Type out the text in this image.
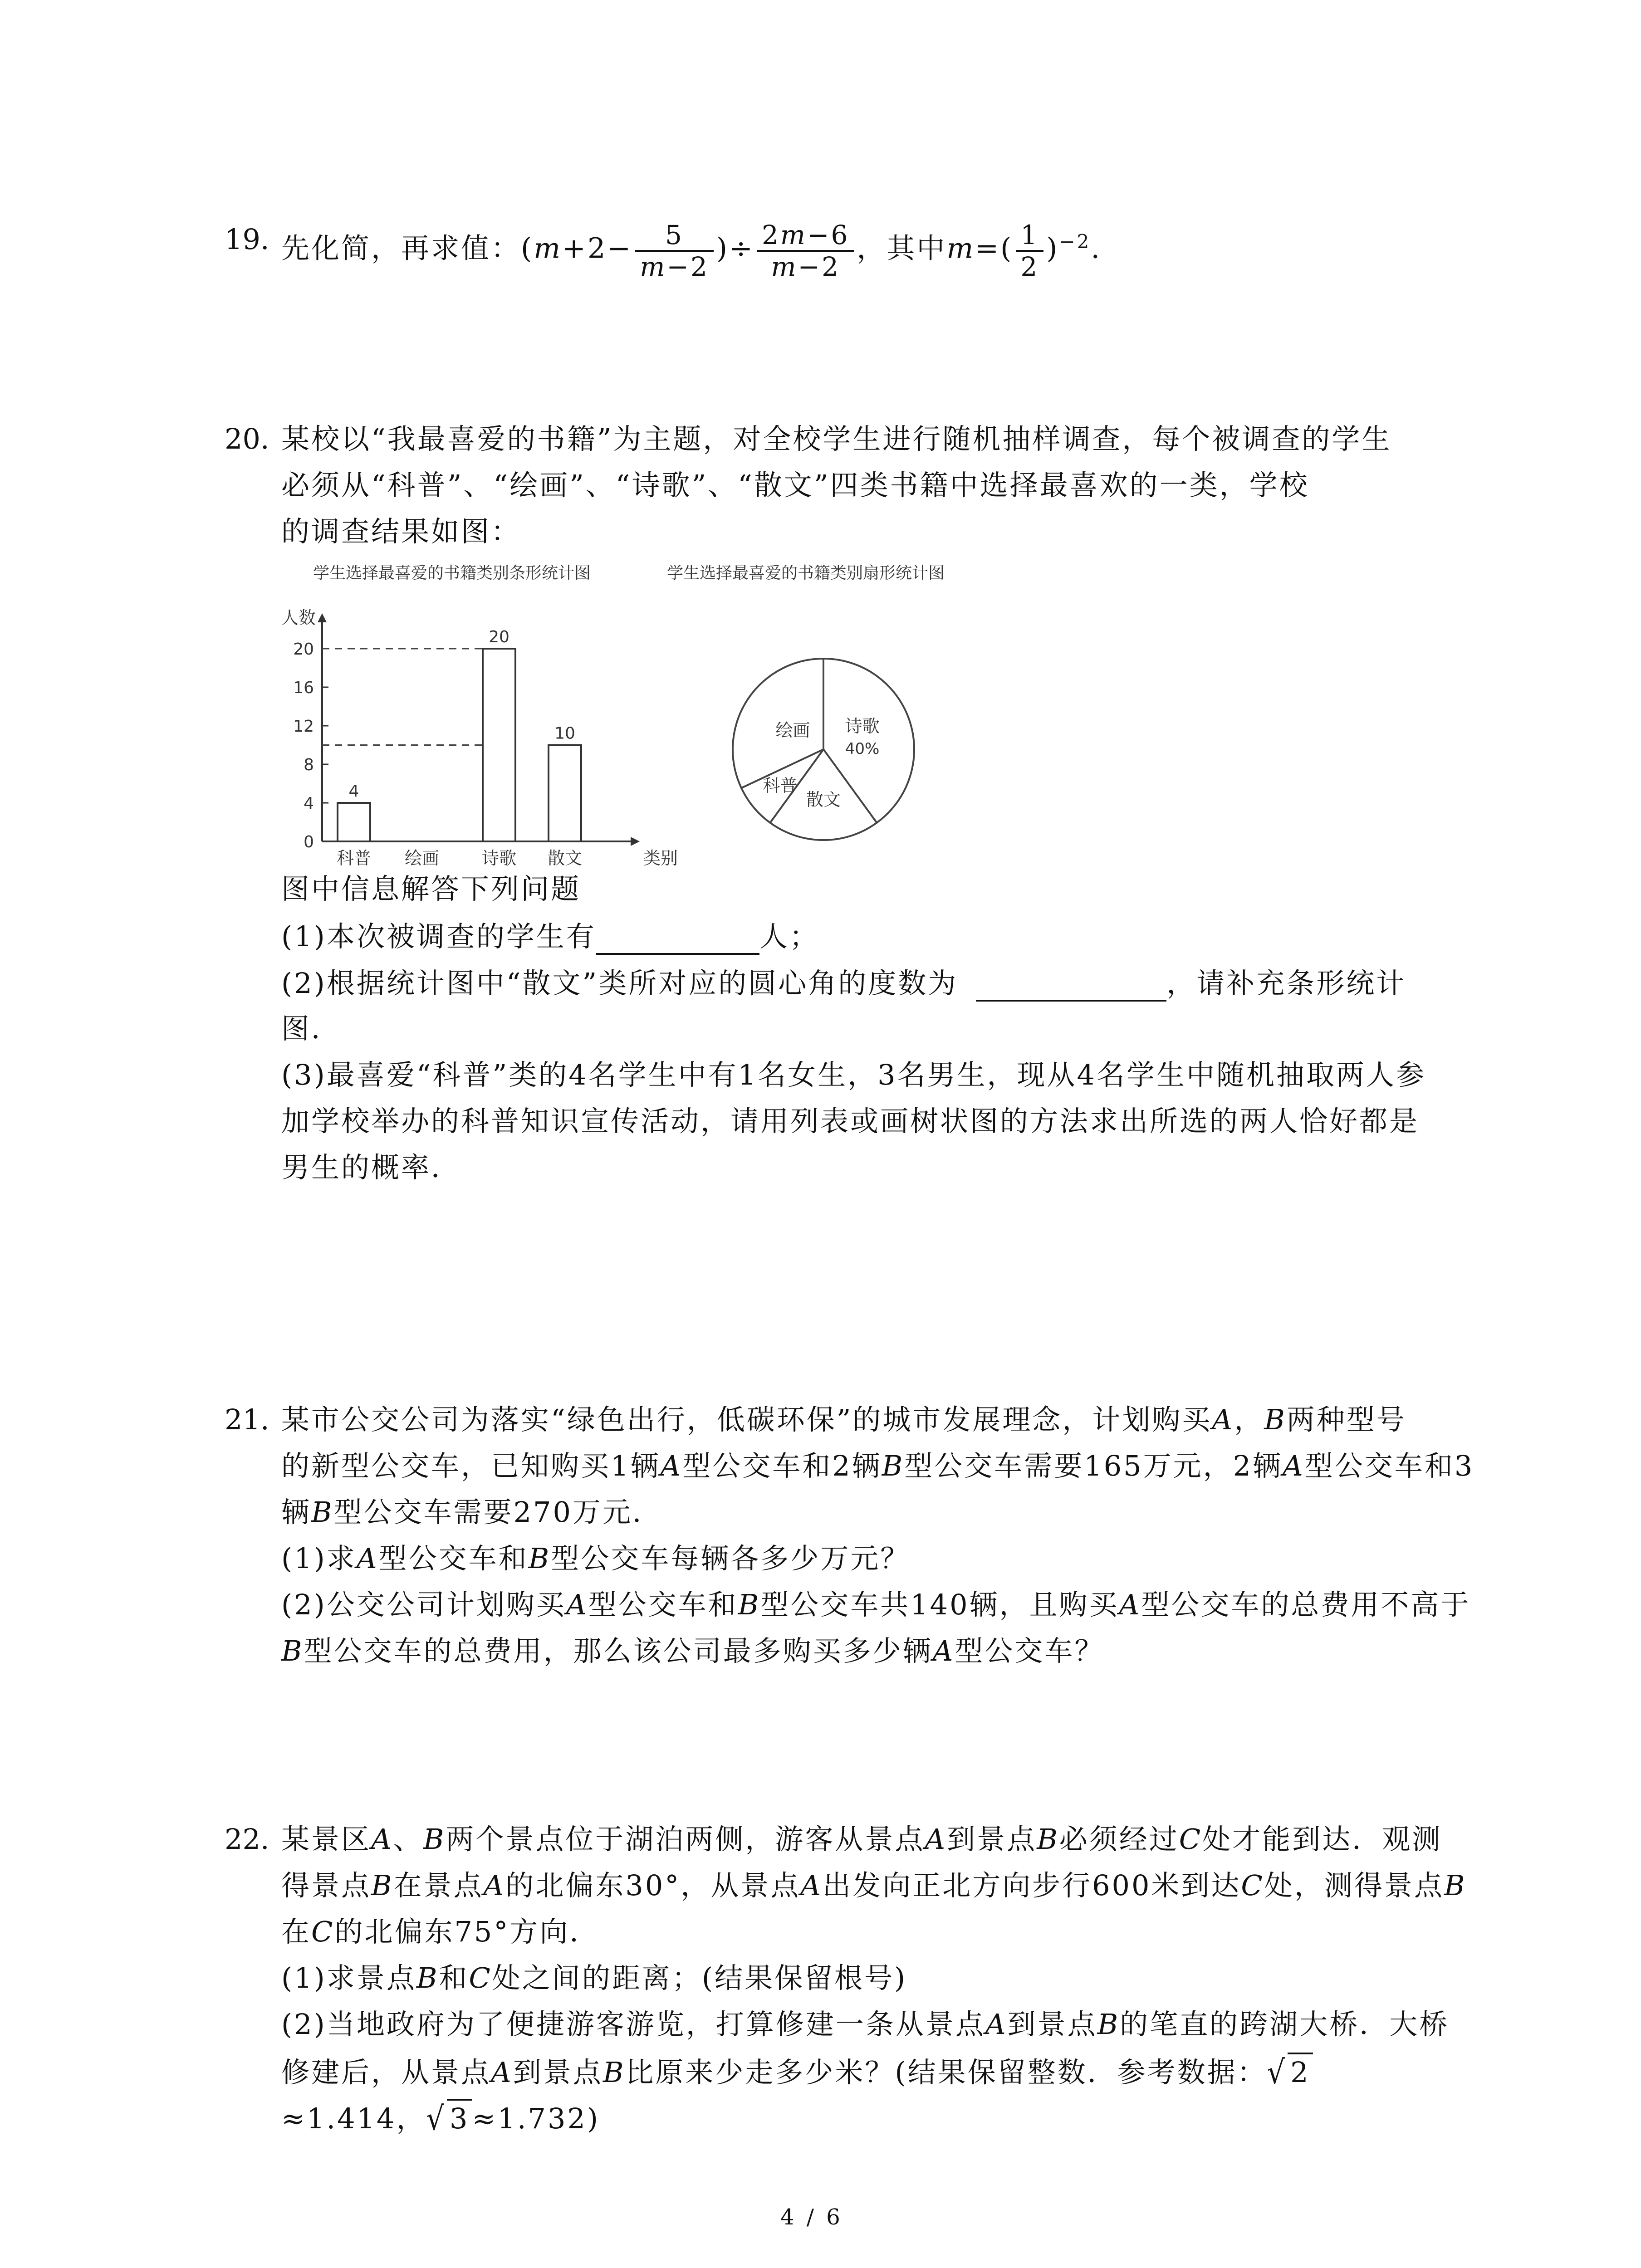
19. 先化简，再求值：($m+2- \frac{5}{m-2}$ )÷ $\frac{2m-6}{m-2}$ ，其中$m=( \frac{1}{2} )^{-2}$.
20. 某校以“我最喜爱的书籍”为主题，对全校学生进行随机抽样调查，每个被调查的学生
必须从“科普”、“绘画”、“诗歌”、“散文”四类书籍中选择最喜欢的一类，学校
的调查结果如图：
学生选择最喜爱的书籍类别条形统计图	学生选择最喜爱的书籍类别扇形统计图
人数
类别
0
4
8
12
16
20
4
科普 绘画
20
诗歌
10
散文
诗歌
40%
散文
科普
绘画
图中信息解答下列问题
(1)本次被调查的学生有	人；
(2)根据统计图中“散文”类所对应的圆心角的度数为	，请补充条形统计
图．
(3)最喜爱“科普”类的4名学生中有1名女生，3名男生，现从4名学生中随机抽取两人参
加学校举办的科普知识宣传活动，请用列表或画树状图的方法求出所选的两人恰好都是
男生的概率．
21. 某市公交公司为落实“绿色出行，低碳环保”的城市发展理念，计划购买A，B两种型号
的新型公交车，已知购买1辆A型公交车和2辆B型公交车需要165万元，2辆A型公交车和3
辆B型公交车需要270万元．
(1)求A型公交车和B型公交车每辆各多少万元？
(2)公交公司计划购买A型公交车和B型公交车共140辆，且购买A型公交车的总费用不高于
B型公交车的总费用，那么该公司最多购买多少辆A型公交车？
22. 某景区A、B两个景点位于湖泊两侧，游客从景点A到景点B必须经过C处才能到达．观测
得景点B在景点A的北偏东30°，从景点A出发向正北方向步行600米到达C处，测得景点B
在C的北偏东75°方向．
(1)求景点B和C处之间的距离；(结果保留根号)
(2)当地政府为了便捷游客游览，打算修建一条从景点A到景点B的笔直的跨湖大桥．大桥
修建后，从景点A到景点B比原来少走多少米？(结果保留整数．参考数据：√ 2
≈1.414，√ 3≈1.732)
4 / 6
